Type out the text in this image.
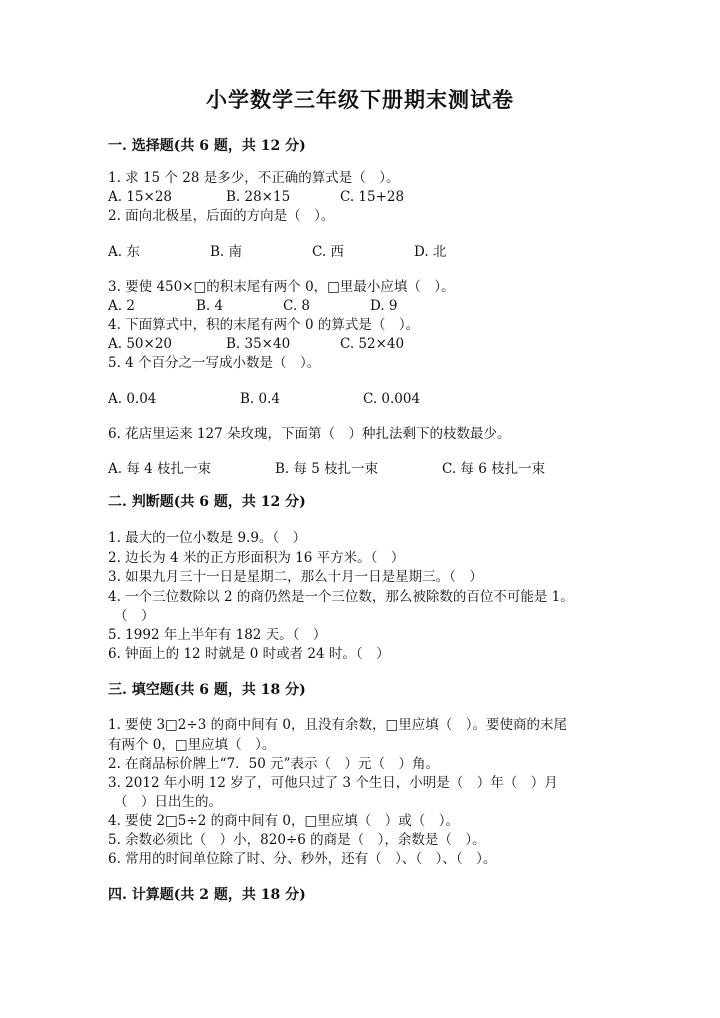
小学数学三年级下册期末测试卷
一. 选择题(共 6 题，共 12 分)
1. 求 15 个 28 是多少，不正确的算式是（　）。
A. 15×28	B. 28×15	C. 15+28
2. 面向北极星，后面的方向是（　）。
A. 东	B. 南	C. 西	D. 北
3. 要使 450×□的积末尾有两个 0，□里最小应填（　）。
A. 2	B. 4	C. 8	D. 9
4. 下面算式中，积的末尾有两个 0 的算式是（　）。
A. 50×20	B. 35×40	C. 52×40
5. 4 个百分之一写成小数是（　）。
A. 0.04	B. 0.4	C. 0.004
6. 花店里运来 127 朵玫瑰，下面第（　）种扎法剩下的枝数最少。
A. 每 4 枝扎一束	B. 每 5 枝扎一束	C. 每 6 枝扎一束
二. 判断题(共 6 题，共 12 分)
1. 最大的一位小数是 9.9。（　）
2. 边长为 4 米的正方形面积为 16 平方米。（　）
3. 如果九月三十一日是星期二，那么十月一日是星期三。（　）
4. 一个三位数除以 2 的商仍然是一个三位数，那么被除数的百位不可能是 1。
（　）
5. 1992 年上半年有 182 天。（　）
6. 钟面上的 12 时就是 0 时或者 24 时。（　）
三. 填空题(共 6 题，共 18 分)
1. 要使 3□2÷3 的商中间有 0，且没有余数，□里应填（　）。要使商的末尾
有两个 0，□里应填（　）。
2. 在商品标价牌上“7．50 元”表示（　）元（　）角。
3. 2012 年小明 12 岁了，可他只过了 3 个生日，小明是（　）年（　）月
（　）日出生的。
4. 要使 2□5÷2 的商中间有 0，□里应填（　）或（　）。
5. 余数必须比（　）小，820÷6 的商是（　），余数是（　）。
6. 常用的时间单位除了时、分、秒外，还有（　）、（　）、（　）。
四. 计算题(共 2 题，共 18 分)
